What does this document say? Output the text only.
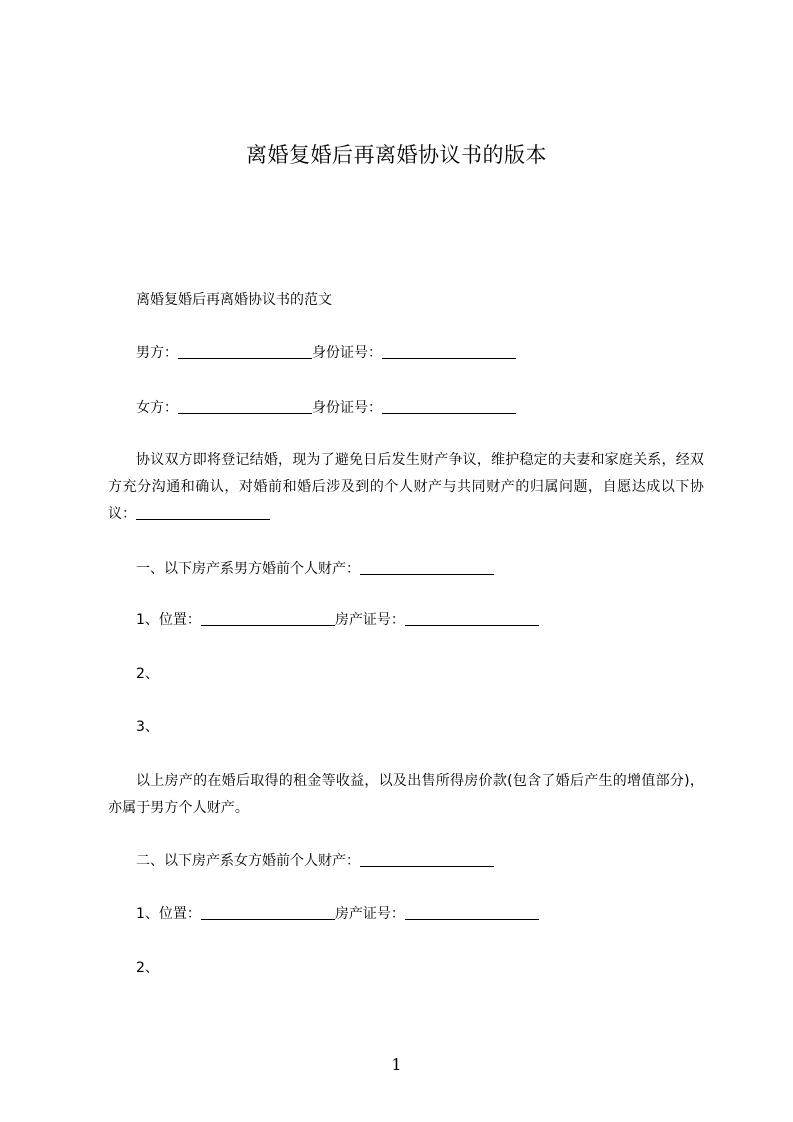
离婚复婚后再离婚协议书的版本
离婚复婚后再离婚协议书的范文
男方：	身份证号：
女方：	身份证号：
协议双方即将登记结婚，现为了避免日后发生财产争议，维护稳定的夫妻和家庭关系，经双方充分沟通和确认，对婚前和婚后涉及到的个人财产与共同财产的归属问题，自愿达成以下协议：
一、以下房产系男方婚前个人财产：
1、位置：	房产证号：
2、
3、
以上房产的在婚后取得的租金等收益，以及出售所得房价款(包含了婚后产生的增值部分)，亦属于男方个人财产。
二、以下房产系女方婚前个人财产：
1、位置：	房产证号：
2、
1
